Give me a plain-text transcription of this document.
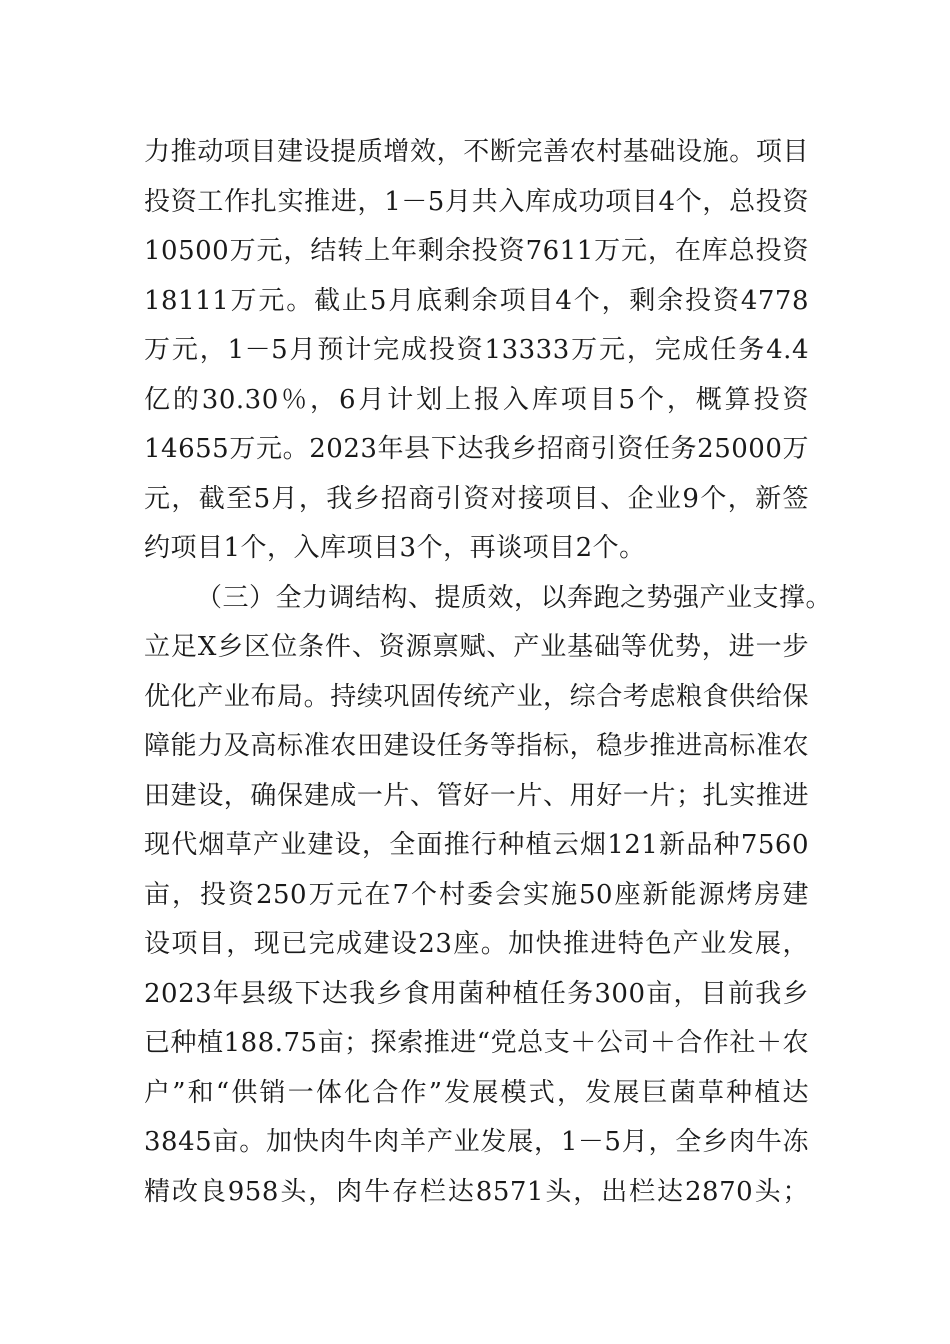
力推动项目建设提质增效，不断完善农村基础设施。项目
投资工作扎实推进，1－5月共入库成功项目4个，总投资
10500万元，结转上年剩余投资7611万元，在库总投资
18111万元。截止5月底剩余项目4个，剩余投资4778
万元，1－5月预计完成投资13333万元，完成任务4.4
亿的30.30％，6月计划上报入库项目5个，概算投资
14655万元。2023年县下达我乡招商引资任务25000万
元，截至5月，我乡招商引资对接项目、企业9个，新签
约项目1个，入库项目3个，再谈项目2个。
（三）全力调结构、提质效，以奔跑之势强产业支撑。
立足X乡区位条件、资源禀赋、产业基础等优势，进一步
优化产业布局。持续巩固传统产业，综合考虑粮食供给保
障能力及高标准农田建设任务等指标，稳步推进高标准农
田建设，确保建成一片、管好一片、用好一片；扎实推进
现代烟草产业建设，全面推行种植云烟121新品种7560
亩，投资250万元在7个村委会实施50座新能源烤房建
设项目，现已完成建设23座。加快推进特色产业发展，
2023年县级下达我乡食用菌种植任务300亩，目前我乡
已种植188.75亩；探索推进“党总支＋公司＋合作社＋农
户”和“供销一体化合作”发展模式，发展巨菌草种植达
3845亩。加快肉牛肉羊产业发展，1－5月，全乡肉牛冻
精改良958头，肉牛存栏达8571头，出栏达2870头；
